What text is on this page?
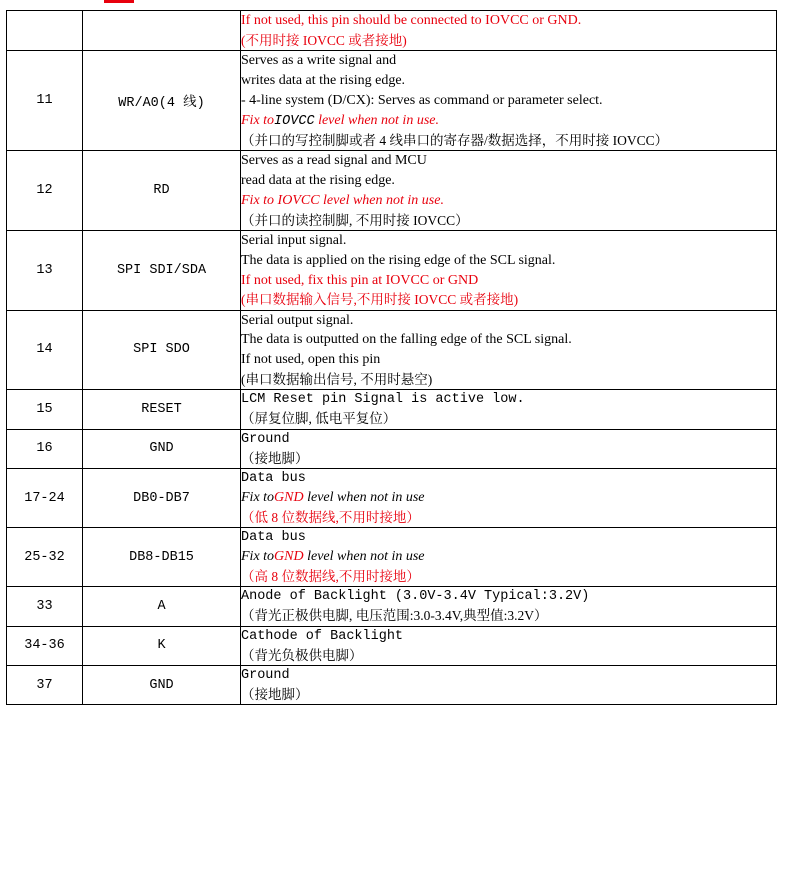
		If not used, this pin should be connected to IOVCC or GND.
(不用时接 IOVCC 或者接地)

11	WR/A0(4 线)	Serves as a write signal and
writes data at the rising edge.
- 4-line system (D/CX): Serves as command or parameter select.
Fix toIOVCC level when not in use.
（并口的写控制脚或者 4 线串口的寄存器/数据选择，不用时接 IOVCC）

12	RD	Serves as a read signal and MCU
read data at the rising edge.
Fix to IOVCC level when not in use.
（并口的读控制脚, 不用时接 IOVCC）

13	SPI SDI/SDA	Serial input signal.
The data is applied on the rising edge of the SCL signal.
If not used, fix this pin at IOVCC or GND
(串口数据输入信号,不用时接 IOVCC 或者接地)

14	SPI SDO	Serial output signal.
The data is outputted on the falling edge of the SCL signal.
If not used, open this pin
(串口数据输出信号, 不用时悬空)

15	RESET	LCM Reset pin Signal is active low.
（屏复位脚, 低电平复位）

16	GND	Ground
（接地脚）

17-24	DB0-DB7	Data bus
Fix toGND level when not in use
（低 8 位数据线,不用时接地）

25-32	DB8-DB15	Data bus
Fix toGND level when not in use
（高 8 位数据线,不用时接地）

33	A	Anode of Backlight (3.0V-3.4V Typical:3.2V)
（背光正极供电脚, 电压范围:3.0-3.4V,典型值:3.2V）

34-36	K	Cathode of Backlight
（背光负极供电脚）

37	GND	Ground
（接地脚）
